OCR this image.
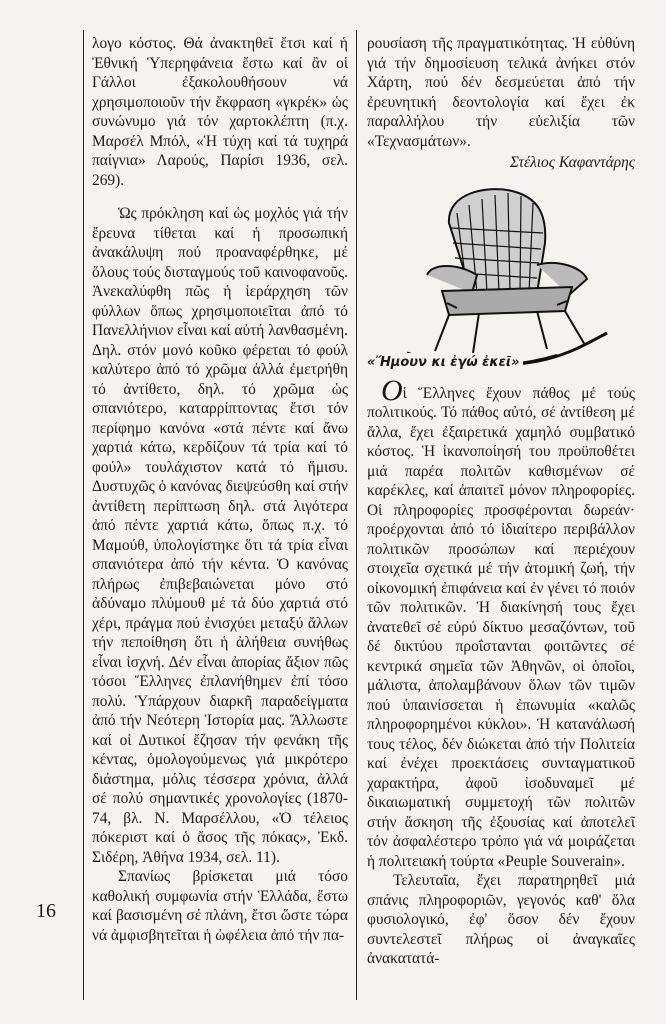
16

λογο κόστος. Θά ἀνακτηθεῖ ἔτσι καί ἡ Ἐθνική Ὑπερηφάνεια ἔστω καί ἂν οἱ Γάλλοι ἐξακολουθήσουν νά χρησιμοποιοῦν τήν ἔκφραση «γκρέκ» ὡς συνώνυμο γιά τόν χαρτοκλέπτη (π.χ. Μαρσέλ Μπόλ, «Ἡ τύχη καί τά τυχηρά παίγνια» Λαρούς, Παρίσι 1936, σελ. 269).

Ὡς πρόκληση καί ὡς μοχλός γιά τήν ἔρευνα τίθεται καί ἡ προσωπική ἀνακάλυψη πού προαναφέρθηκε, μέ ὅλους τούς δισταγμούς τοῦ καινοφανοῦς. Ἀνεκαλύφθη πῶς ἡ ἱεράρχηση τῶν φύλλων ὅπως χρησιμοποιεῖται ἀπό τό Πανελλήνιον εἶναι καί αὐτή λανθασμένη. Δηλ. στόν μονό κοῦκο φέρεται τό φούλ καλύτερο ἀπό τό χρῶμα ἀλλά ἐμετρήθη τό ἀντίθετο, δηλ. τό χρῶμα ὡς σπανιότερο, καταρρίπτοντας ἔτσι τόν περίφημο κανόνα «στά πέντε καί ἄνω χαρτιά κάτω, κερδίζουν τά τρία καί τό φούλ» τουλάχιστον κατά τό ἥμισυ. Δυστυχῶς ὁ κανόνας διεψεύσθη καί στήν ἀντίθετη περίπτωση δηλ. στά λιγότερα ἀπό πέντε χαρτιά κάτω, ὅπως π.χ. τό Μαμούθ, ὑπολογίστηκε ὅτι τά τρία εἶναι σπανιότερα ἀπό τήν κέντα. Ὁ κανόνας πλήρως ἐπιβεβαιώνεται μόνο στό ἀδύναμο πλύμουθ μέ τά δύο χαρτιά στό χέρι, πράγμα πού ἐνισχύει μεταξύ ἄλλων τήν πεποίθηση ὅτι ἡ ἀλήθεια συνήθως εἶναι ἰσχνή. Δέν εἶναι ἀπορίας ἄξιον πῶς τόσοι Ἕλληνες ἐπλανήθημεν ἐπί τόσο πολύ. Ὑπάρχουν διαρκῆ παραδείγματα ἀπό τήν Νεότερη Ἱστορία μας. Ἄλλωστε καί οἱ Δυτικοί ἔζησαν τήν φενάκη τῆς κέντας, ὁμολογούμενως γιά μικρότερο διάστημα, μόλις τέσσερα χρόνια, ἀλλά σέ πολύ σημαντικές χρονολογίες (1870-74, βλ. Ν. Μαρσέλλου, «Ὁ τέλειος πόκεριστ καί ὁ ἄσος τῆς πόκας», Ἐκδ. Σιδέρη, Ἀθήνα 1934, σελ. 11).

Σπανίως βρίσκεται μιά τόσο καθολική συμφωνία στήν Ἑλλάδα, ἔστω καί βασισμένη σέ πλάνη, ἔτσι ὥστε τώρα νά ἀμφισβητεῖται ἡ ὠφέλεια ἀπό τήν πα-

ρουσίαση τῆς πραγματικότητας. Ἡ εὐθύνη γιά τήν δημοσίευση τελικά ἀνήκει στόν Χάρτη, πού δέν δεσμεύεται ἀπό τήν ἐρευνητική δεοντολογία καί ἔχει ἐκ παραλλήλου τήν εὐελιξία τῶν «Τεχνασμάτων».

Στέλιος Καφαντάρης

«Ἤμουν κι ἐγώ ἐκεῖ»

Οἱ Ἕλληνες ἔχουν πάθος μέ τούς πολιτικούς. Τό πάθος αὐτό, σέ ἀντίθεση μέ ἄλλα, ἔχει ἐξαιρετικά χαμηλό συμβατικό κόστος. Ἡ ἱκανοποίησή του προϋποθέτει μιά παρέα πολιτῶν καθισμένων σέ καρέκλες, καί ἀπαιτεῖ μόνον πληροφορίες. Οἱ πληροφορίες προσφέρονται δωρεάν· προέρχονται ἀπό τό ἰδιαίτερο περιβάλλον πολιτικῶν προσώπων καί περιέχουν στοιχεῖα σχετικά μέ τήν ἀτομική ζωή, τήν οἰκονομική ἐπιφάνεια καί ἐν γένει τό ποιόν τῶν πολιτικῶν. Ἡ διακίνησή τους ἔχει ἀνατεθεῖ σέ εὐρύ δίκτυο μεσαζόντων, τοῦ δέ δικτύου προΐστανται φοιτῶντες σέ κεντρικά σημεῖα τῶν Ἀθηνῶν, οἱ ὁποῖοι, μάλιστα, ἀπολαμβάνουν ὅλων τῶν τιμῶν πού ὑπαινίσσεται ἡ ἐπωνυμία «καλῶς πληροφορημένοι κύκλοι». Ἡ κατανάλωσή τους τέλος, δέν διώκεται ἀπό τήν Πολιτεία καί ἐνέχει προεκτάσεις συνταγματικοῦ χαρακτήρα, ἀφοῦ ἰσοδυναμεῖ μέ δικαιωματική συμμετοχή τῶν πολιτῶν στήν ἄσκηση τῆς ἐξουσίας καί ἀποτελεῖ τόν ἀσφαλέστερο τρόπο γιά νά μοιράζεται ἡ πολιτειακή τούρτα «Peuple Souverain».

Τελευταῖα, ἔχει παρατηρηθεῖ μιά σπάνις πληροφοριῶν, γεγονός καθ' ὅλα φυσιολογικό, ἐφ' ὅσον δέν ἔχουν συντελεστεῖ πλήρως οἱ ἀναγκαῖες ἀνακατατά-
